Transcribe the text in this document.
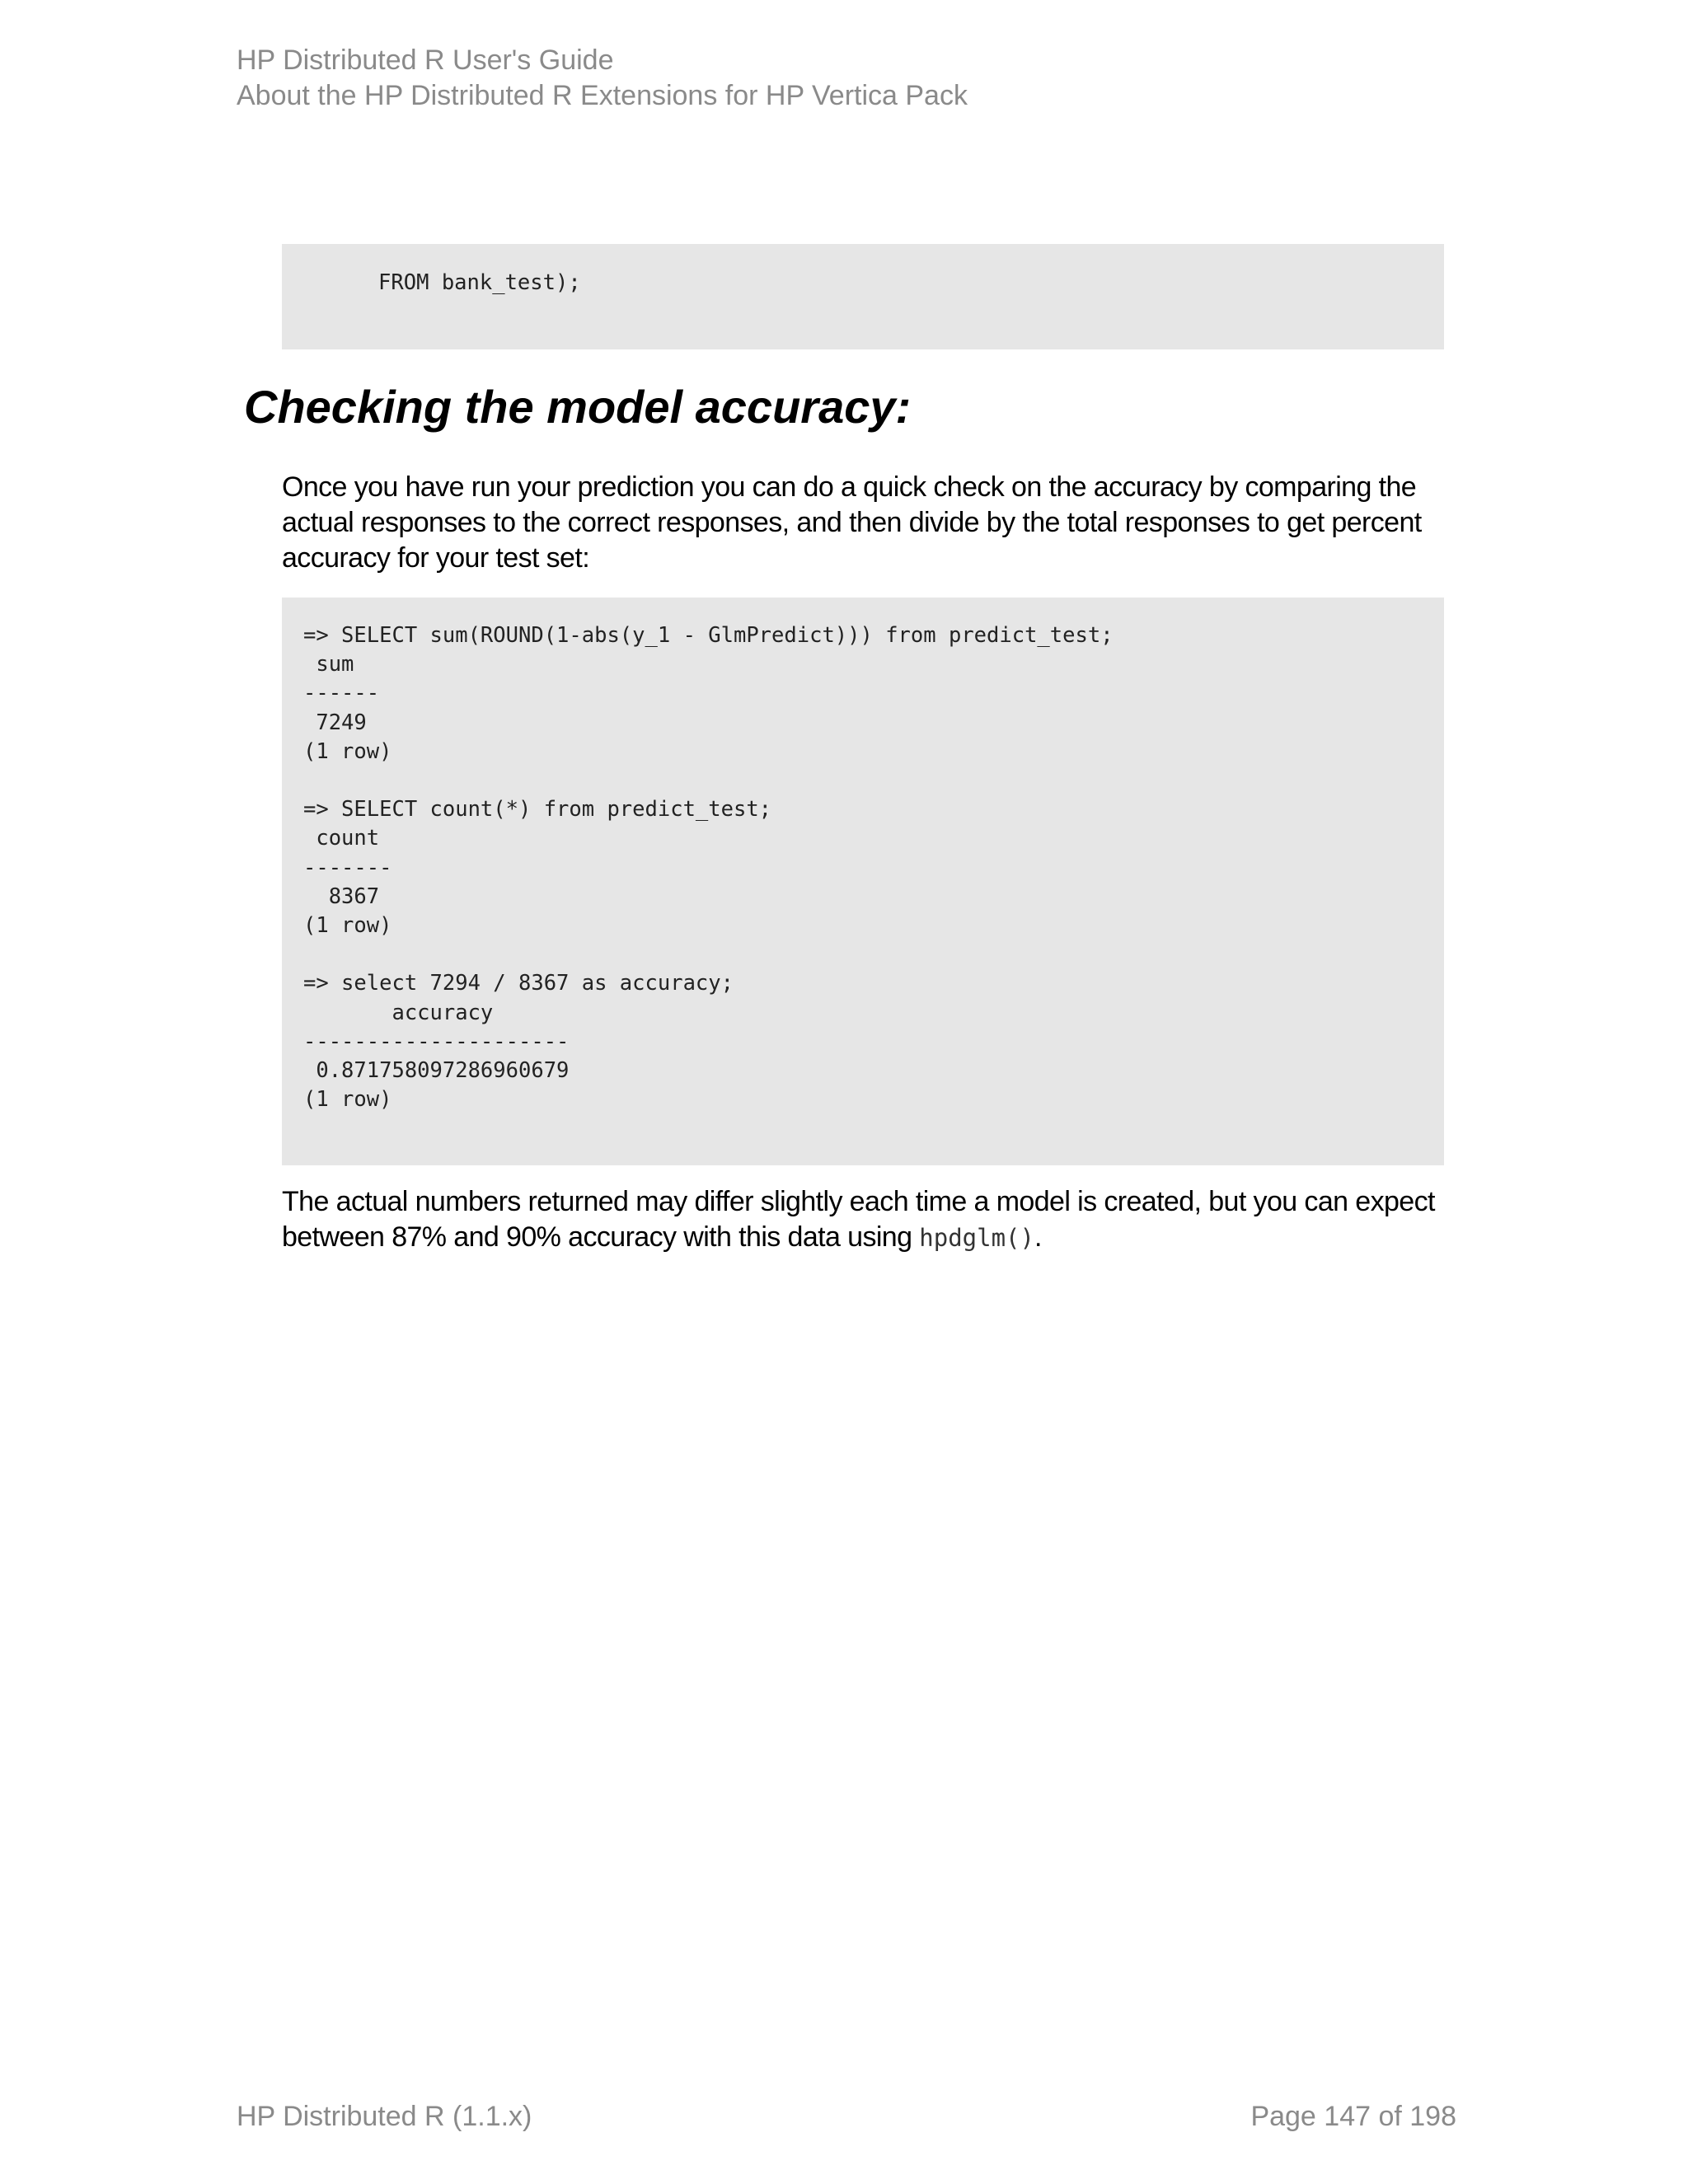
HP Distributed R User's Guide
About the HP Distributed R Extensions for HP Vertica Pack
FROM bank_test);
Checking the model accuracy:
Once you have run your prediction you can do a quick check on the accuracy by comparing the
actual responses to the correct responses, and then divide by the total responses to get percent
accuracy for your test set:
=> SELECT sum(ROUND(1-abs(y_1 - GlmPredict))) from predict_test;
sum
------
7249
(1 row)

=> SELECT count(*) from predict_test;
count
-------
8367
(1 row)

=> select 7294 / 8367 as accuracy;
accuracy
---------------------
0.871758097286960679
(1 row)
The actual numbers returned may differ slightly each time a model is created, but you can expect
between 87% and 90% accuracy with this data using hpdglm().
HP Distributed R (1.1.x)	Page 147 of 198
